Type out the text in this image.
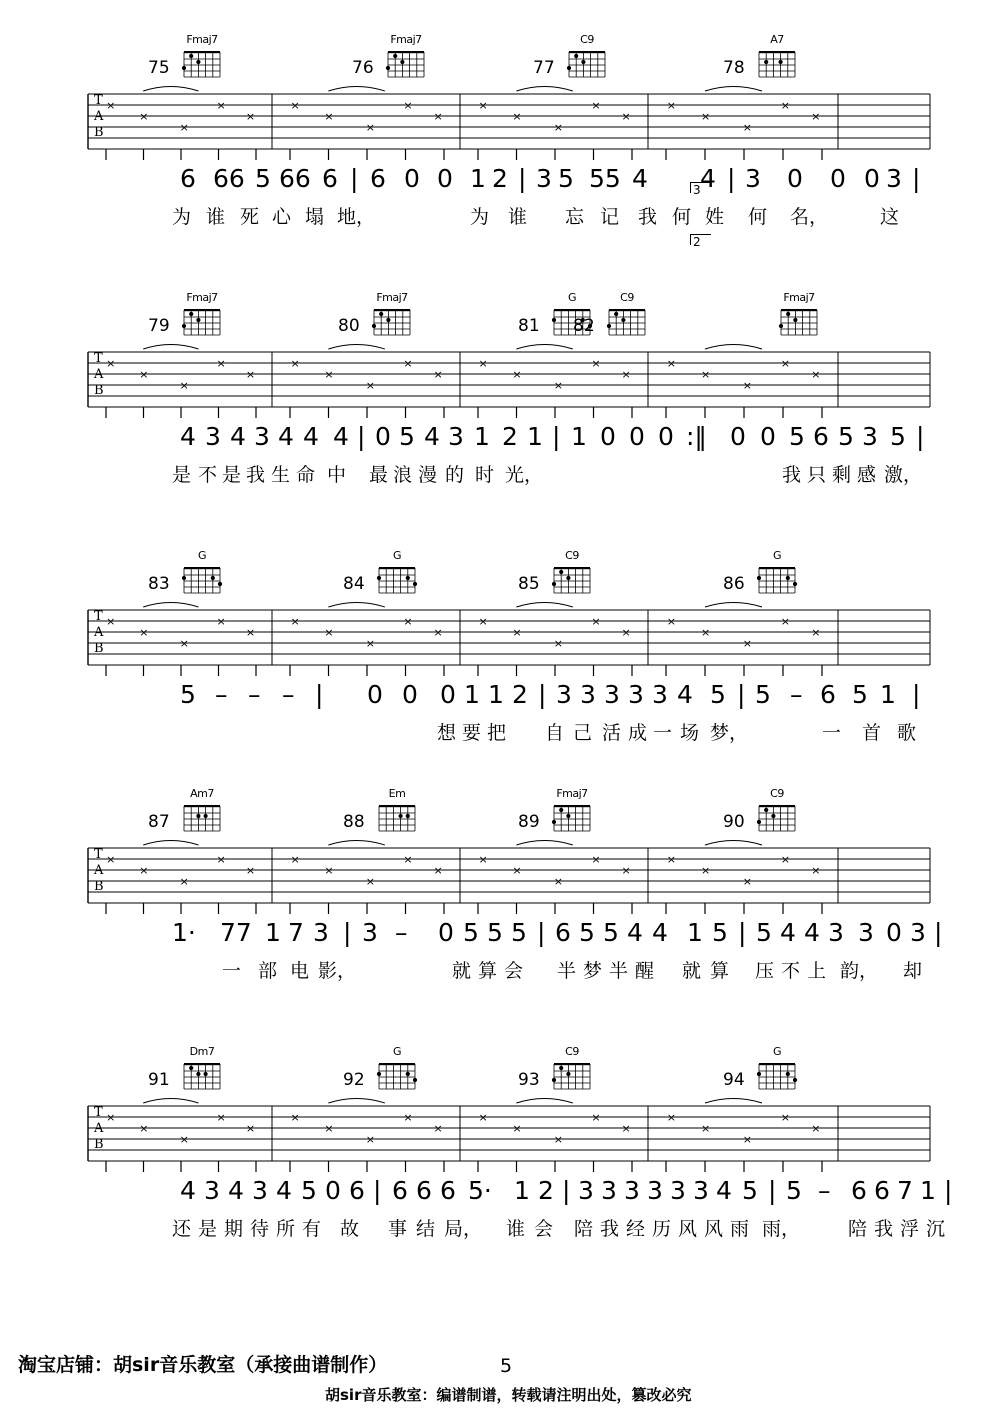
Fmaj7
75
Fmaj7
76
C9
77
A7
78
3
2
T
A
B
×
×
×
×
×
×
×
×
×
×
×
×
×
×
×
×
×
×
×
×
6 66 5 66 6 | 6 0 0 1 2 | 3 5 55 4 4 | 3 0 0 0 3 |
为 谁 死 心 塌 地，	为 谁 忘 记 我 何 姓 何 名，	这
Fmaj7
79
Fmaj7
80
G
81
C9	Fmaj7
82
T
A
B
×
×
×
×
×
×
×
×
×
×
×
×
×
×
×
×
×
×
×
×
4 3 4 3 4 4 4 | 0 5 4 3 1 2 1 | 1 0 0 0 :‖ 0 0 5 6 5 3 5 |
是 不 是 我 生 命 中 最 浪 漫 的 时 光，	我 只 剩 感 激，
G
83
G
84
C9
85
G
86
T
A
B
×
×
×
×
×
×
×
×
×
×
×
×
×
×
×
×
×
×
×
×
5 – – – | 0 0 0 1 1 2 | 3 3 3 3 3 4 5 | 5 – 6 5 1 |
想 要 把 自 己 活 成 一 场 梦，	一 首 歌
Am7
87
Em
88
Fmaj7
89
C9
90
T
A
B
×
×
×
×
×
×
×
×
×
×
×
×
×
×
×
×
×
×
×
×
1· 77 1 7 3 | 3 – 0 5 5 5 | 6 5 5 4 4 1 5 | 5 4 4 3 3 0 3 |
一 部 电 影，	就 算 会 半 梦 半 醒 就 算 压 不 上 韵， 却
Dm7
91
G
92
C9
93
G
94
T
A
B
×
×
×
×
×
×
×
×
×
×
×
×
×
×
×
×
×
×
×
×
4 3 4 3 4 5 0 6 | 6 6 6 5· 1 2 | 3 3 3 3 3 3 4 5 | 5 – 6 6 7 1 |
还 是 期 待 所 有 故 事 结 局， 谁 会 陪 我 经 历 风 风 雨 雨，	陪 我 浮 沉
淘宝店铺：胡sir音乐教室（承接曲谱制作）	5
胡sir音乐教室：编谱制谱，转载请注明出处，篡改必究
